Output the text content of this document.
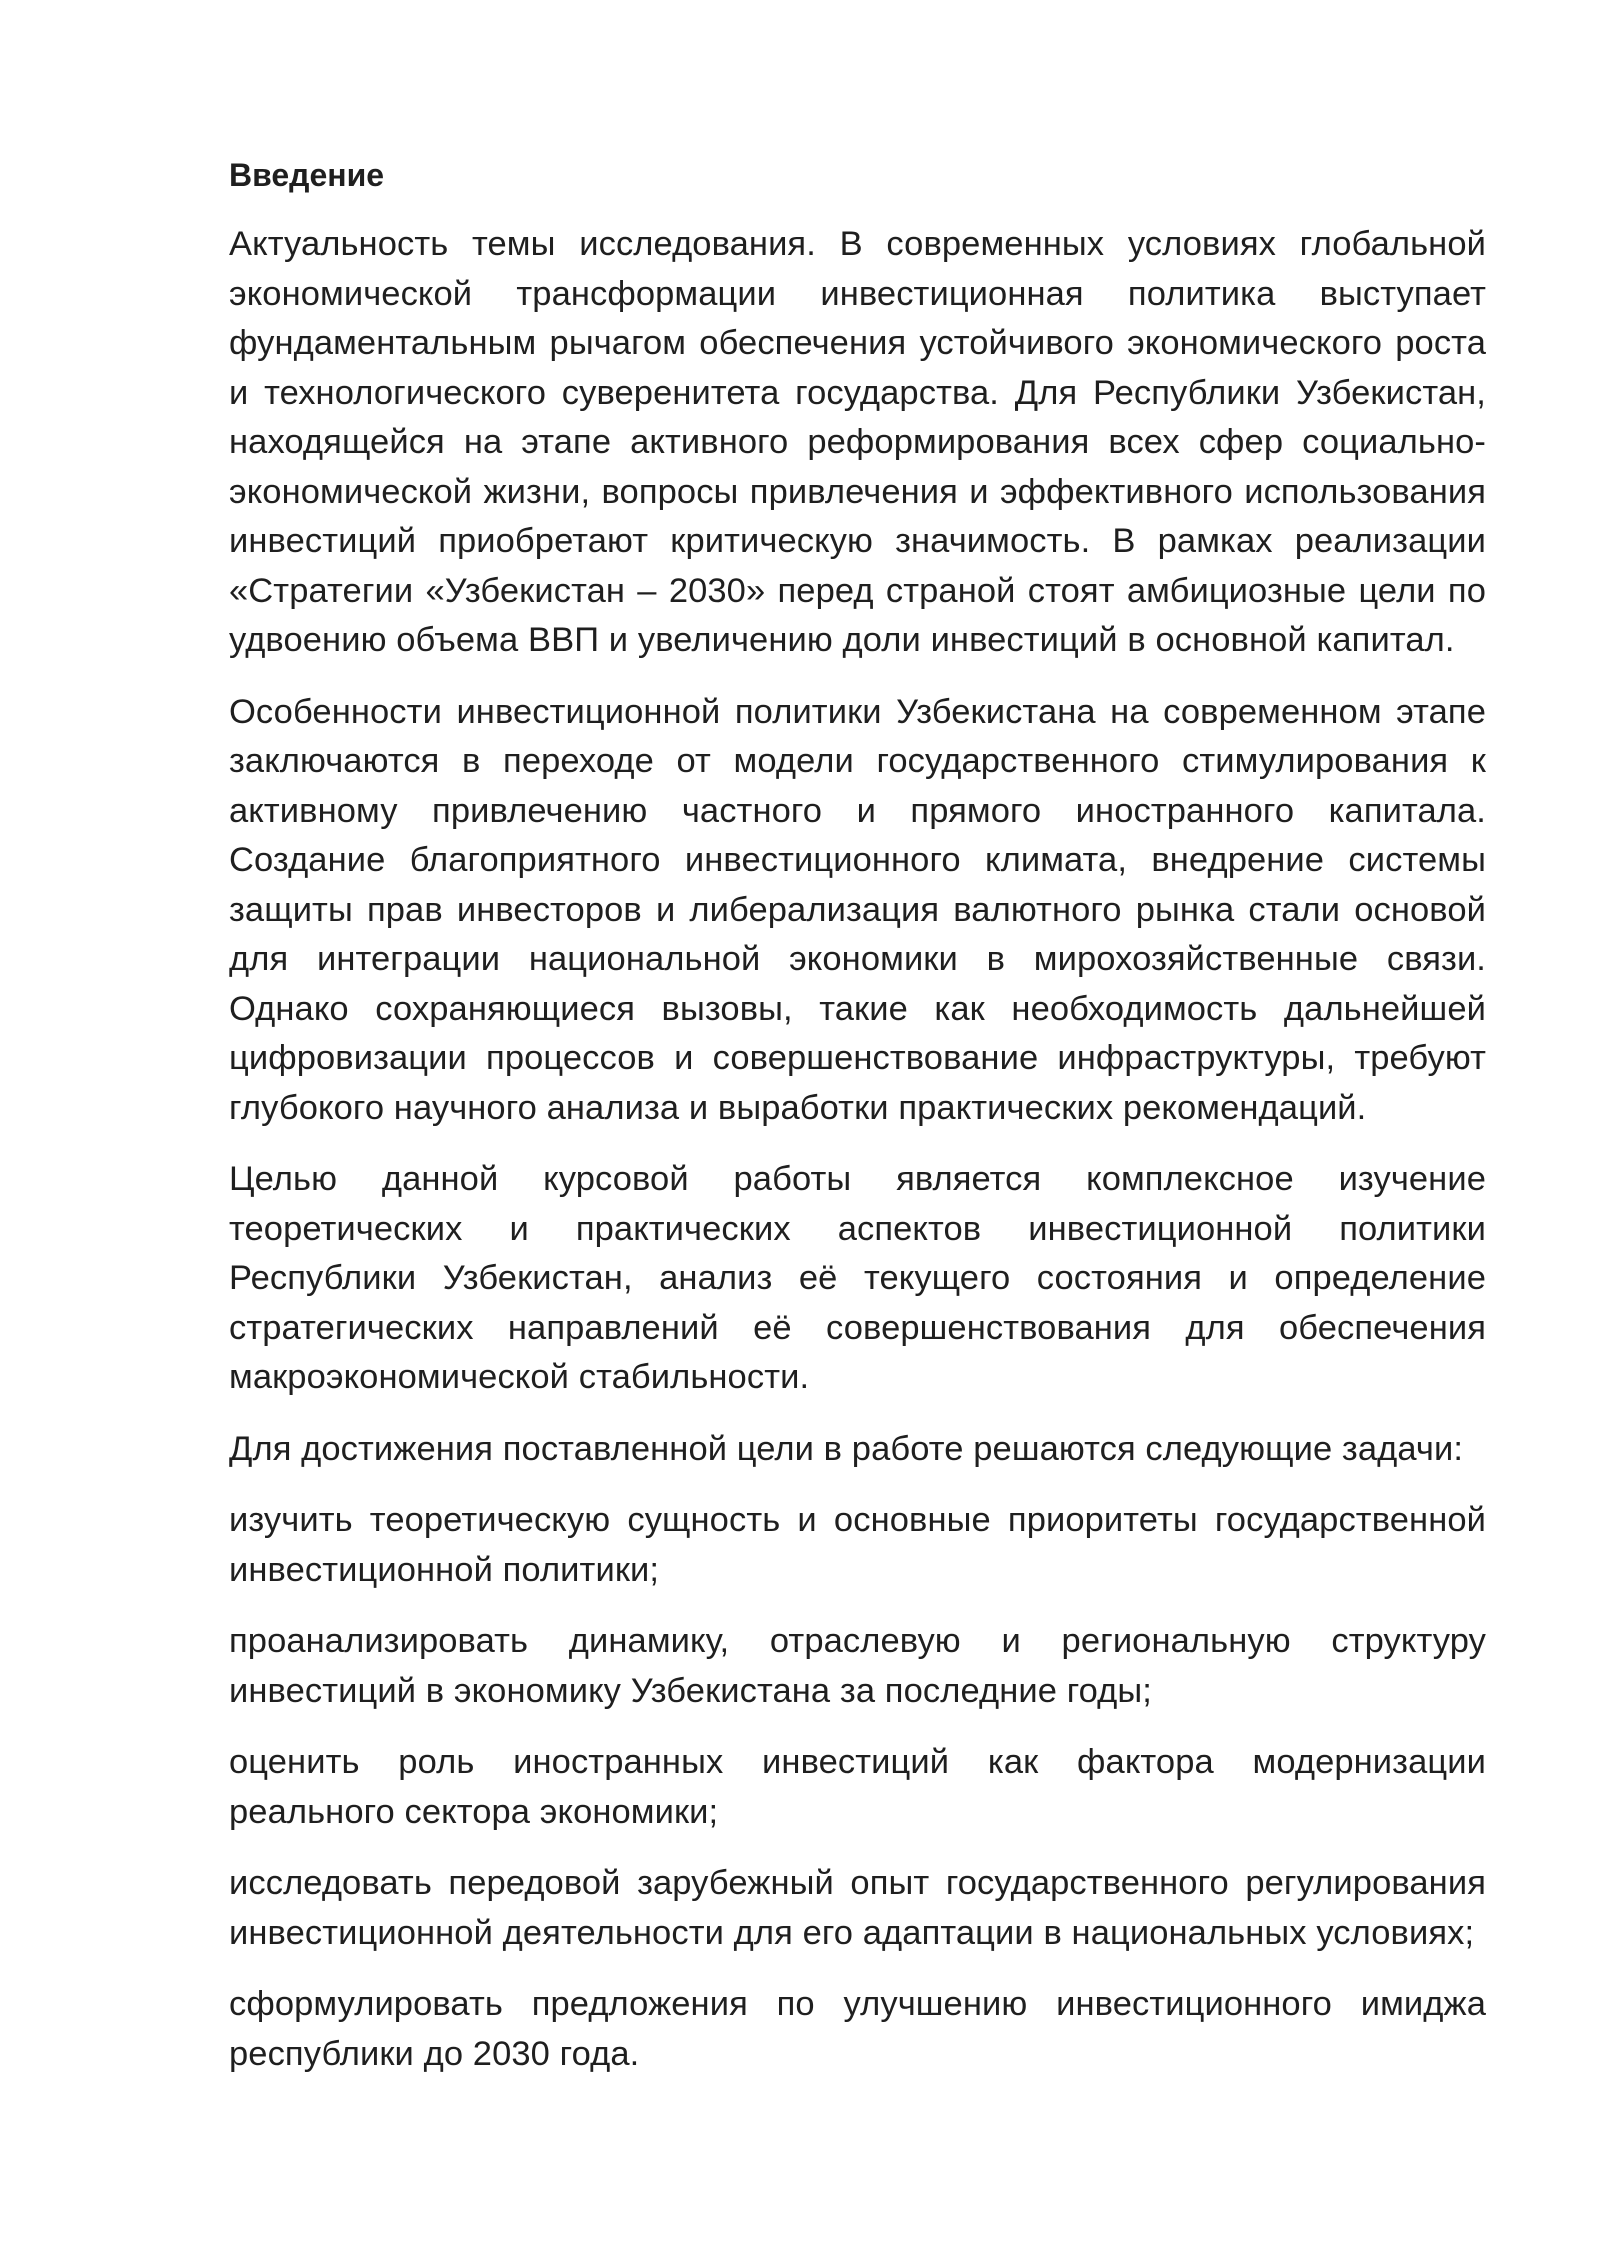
Введение

Актуальность темы исследования. В современных условиях глобальной экономической трансформации инвестиционная политика выступает фундаментальным рычагом обеспечения устойчивого экономического роста и технологического суверенитета государства. Для Республики Узбекистан, находящейся на этапе активного реформирования всех сфер социально-экономической жизни, вопросы привлечения и эффективного использования инвестиций приобретают критическую значимость. В рамках реализации «Стратегии «Узбекистан – 2030» перед страной стоят амбициозные цели по удвоению объема ВВП и увеличению доли инвестиций в основной капитал.

Особенности инвестиционной политики Узбекистана на современном этапе заключаются в переходе от модели государственного стимулирования к активному привлечению частного и прямого иностранного капитала. Создание благоприятного инвестиционного климата, внедрение системы защиты прав инвесторов и либерализация валютного рынка стали основой для интеграции национальной экономики в мирохозяйственные связи. Однако сохраняющиеся вызовы, такие как необходимость дальнейшей цифровизации процессов и совершенствование инфраструктуры, требуют глубокого научного анализа и выработки практических рекомендаций.

Целью данной курсовой работы является комплексное изучение теоретических и практических аспектов инвестиционной политики Республики Узбекистан, анализ её текущего состояния и определение стратегических направлений её совершенствования для обеспечения макроэкономической стабильности.

Для достижения поставленной цели в работе решаются следующие задачи:

изучить теоретическую сущность и основные приоритеты государственной инвестиционной политики;

проанализировать динамику, отраслевую и региональную структуру инвестиций в экономику Узбекистана за последние годы;

оценить роль иностранных инвестиций как фактора модернизации реального сектора экономики;

исследовать передовой зарубежный опыт государственного регулирования инвестиционной деятельности для его адаптации в национальных условиях;

сформулировать предложения по улучшению инвестиционного имиджа республики до 2030 года.
